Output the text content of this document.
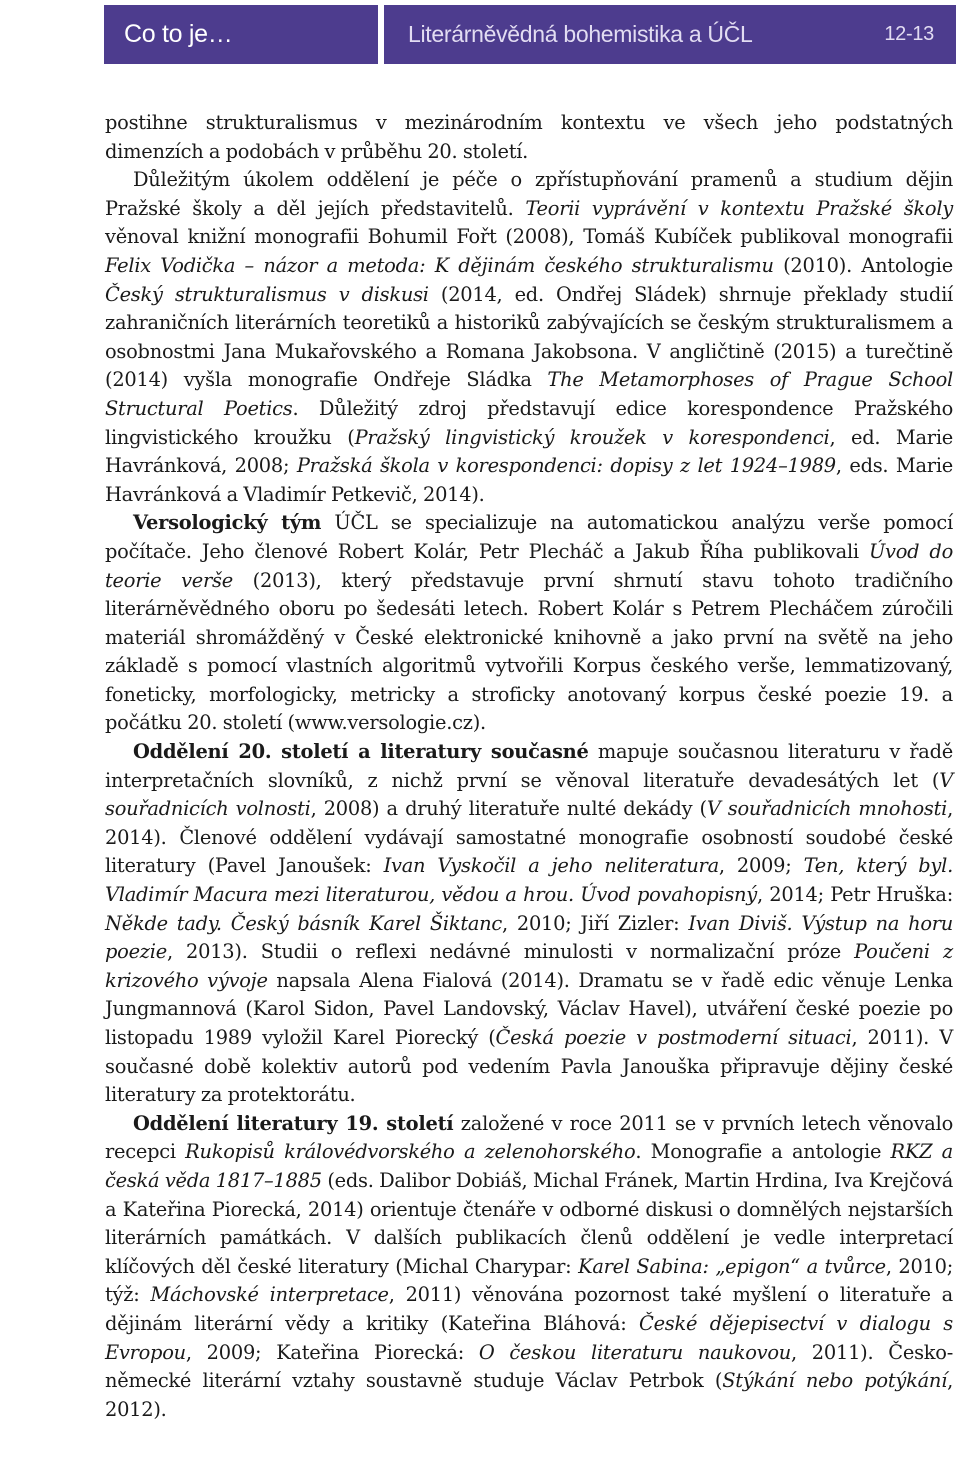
Co to je…	Literárněvědná bohemistika a ÚČL	12-13

postihne strukturalismus v mezinárodním kontextu ve všech jeho podstatných dimenzích a podobách v průběhu 20. století.

Důležitým úkolem oddělení je péče o zpřístupňování pramenů a studium dějin Pražské školy a děl jejích představitelů. Teorii vyprávění v kontextu Pražské školy věnoval knižní monografii Bohumil Fořt (2008), Tomáš Kubíček publikoval monografii Felix Vodička – názor a metoda: K dějinám českého strukturalismu (2010). Antologie Český strukturalismus v diskusi (2014, ed. Ondřej Sládek) shrnuje překlady studií zahraničních literárních teoretiků a historiků zabývajících se českým strukturalismem a osobnostmi Jana Mukařovského a Romana Jakobsona. V angličtině (2015) a turečtině (2014) vyšla monografie Ondřeje Sládka The Metamorphoses of Prague School Structural Poetics. Důležitý zdroj představují edice korespondence Pražského lingvistického kroužku (Pražský lingvistický kroužek v korespondenci, ed. Marie Havránková, 2008; Pražská škola v korespondenci: dopisy z let 1924–1989, eds. Marie Havránková a Vladimír Petkevič, 2014).

Versologický tým ÚČL se specializuje na automatickou analýzu verše pomocí počítače. Jeho členové Robert Kolár, Petr Plecháč a Jakub Říha publikovali Úvod do teorie verše (2013), který představuje první shrnutí stavu tohoto tradičního literárněvědného oboru po šedesáti letech. Robert Kolár s Petrem Plecháčem zúročili materiál shromážděný v České elektronické knihovně a jako první na světě na jeho základě s pomocí vlastních algoritmů vytvořili Korpus českého verše, lemmatizovaný, foneticky, morfologicky, metricky a stroficky anotovaný korpus české poezie 19. a počátku 20. století (www.versologie.cz).

Oddělení 20. století a literatury současné mapuje současnou literaturu v řadě interpretačních slovníků, z nichž první se věnoval literatuře devadesátých let (V souřadnicích volnosti, 2008) a druhý literatuře nulté dekády (V souřadnicích mnohosti, 2014). Členové oddělení vydávají samostatné monografie osobností soudobé české literatury (Pavel Janoušek: Ivan Vyskočil a jeho neliteratura, 2009; Ten, který byl. Vladimír Macura mezi literaturou, vědou a hrou. Úvod povahopisný, 2014; Petr Hruška: Někde tady. Český básník Karel Šiktanc, 2010; Jiří Zizler: Ivan Diviš. Výstup na horu poezie, 2013). Studii o reflexi nedávné minulosti v normalizační próze Poučeni z krizového vývoje napsala Alena Fialová (2014). Dramatu se v řadě edic věnuje Lenka Jungmannová (Karol Sidon, Pavel Landovský, Václav Havel), utváření české poezie po listopadu 1989 vyložil Karel Piorecký (Česká poezie v postmoderní situaci, 2011). V současné době kolektiv autorů pod vedením Pavla Janouška připravuje dějiny české literatury za protektorátu.

Oddělení literatury 19. století založené v roce 2011 se v prvních letech věnovalo recepci Rukopisů královédvorského a zelenohorského. Monografie a antologie RKZ a česká věda 1817–1885 (eds. Dalibor Dobiáš, Michal Fránek, Martin Hrdina, Iva Krejčová a Kateřina Piorecká, 2014) orientuje čtenáře v odborné diskusi o domnělých nejstarších literárních památkách. V dalších publikacích členů oddělení je vedle interpretací klíčových děl české literatury (Michal Charypar: Karel Sabina: „epigon“ a tvůrce, 2010; týž: Máchovské interpretace, 2011) věnována pozornost také myšlení o literatuře a dějinám literární vědy a kritiky (Kateřina Bláhová: České dějepisectví v dialogu s Evropou, 2009; Kateřina Piorecká: O českou literaturu naukovou, 2011). Česko-německé literární vztahy soustavně studuje Václav Petrbok (Stýkání nebo potýkání, 2012).
